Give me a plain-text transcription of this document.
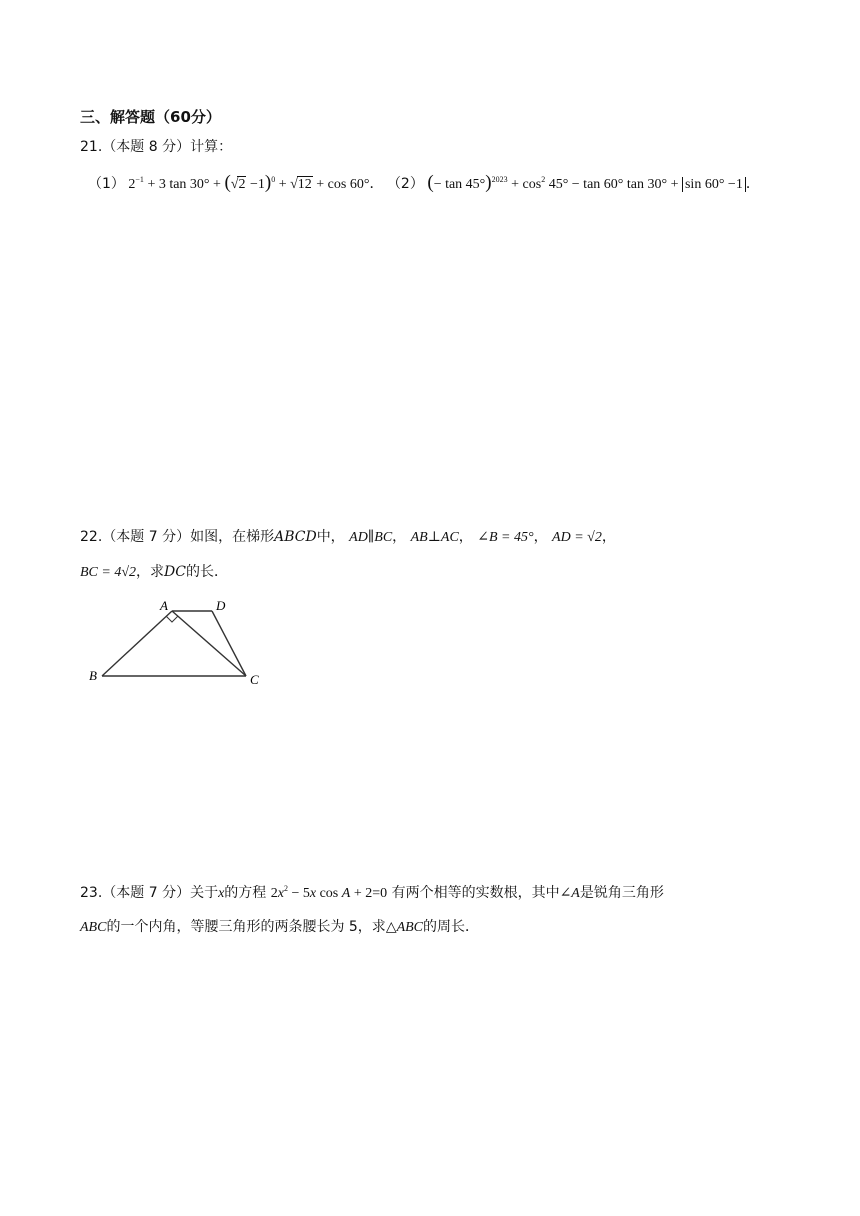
三、解答题（60分）
21.（本题 8 分）计算：
（1） $2^{-1} + 3$ $\tan 30^\circ + (√2 -1)^0 + √12 + \cos 60^\circ$． （2） (− $\tan 45^\circ)^{2023} + \cos^2 45^\circ - \tan 60^\circ$ tan 30° + sin 60° −1 ．
22.（本题 7 分）如图，在梯形ABCD中， AD∥BC， AB⊥AC， ∠B = 45°， AD = √2，
BC = 4√2，求DC的长．
A	D
B	C
23.（本题 7 分）关于x的方程 $2x^2 - 5x$ cos A + 2=0 有两个相等的实数根，其中∠A是锐角三角形
ABC的一个内角，等腰三角形的两条腰长为 5，求△ABC的周长．
